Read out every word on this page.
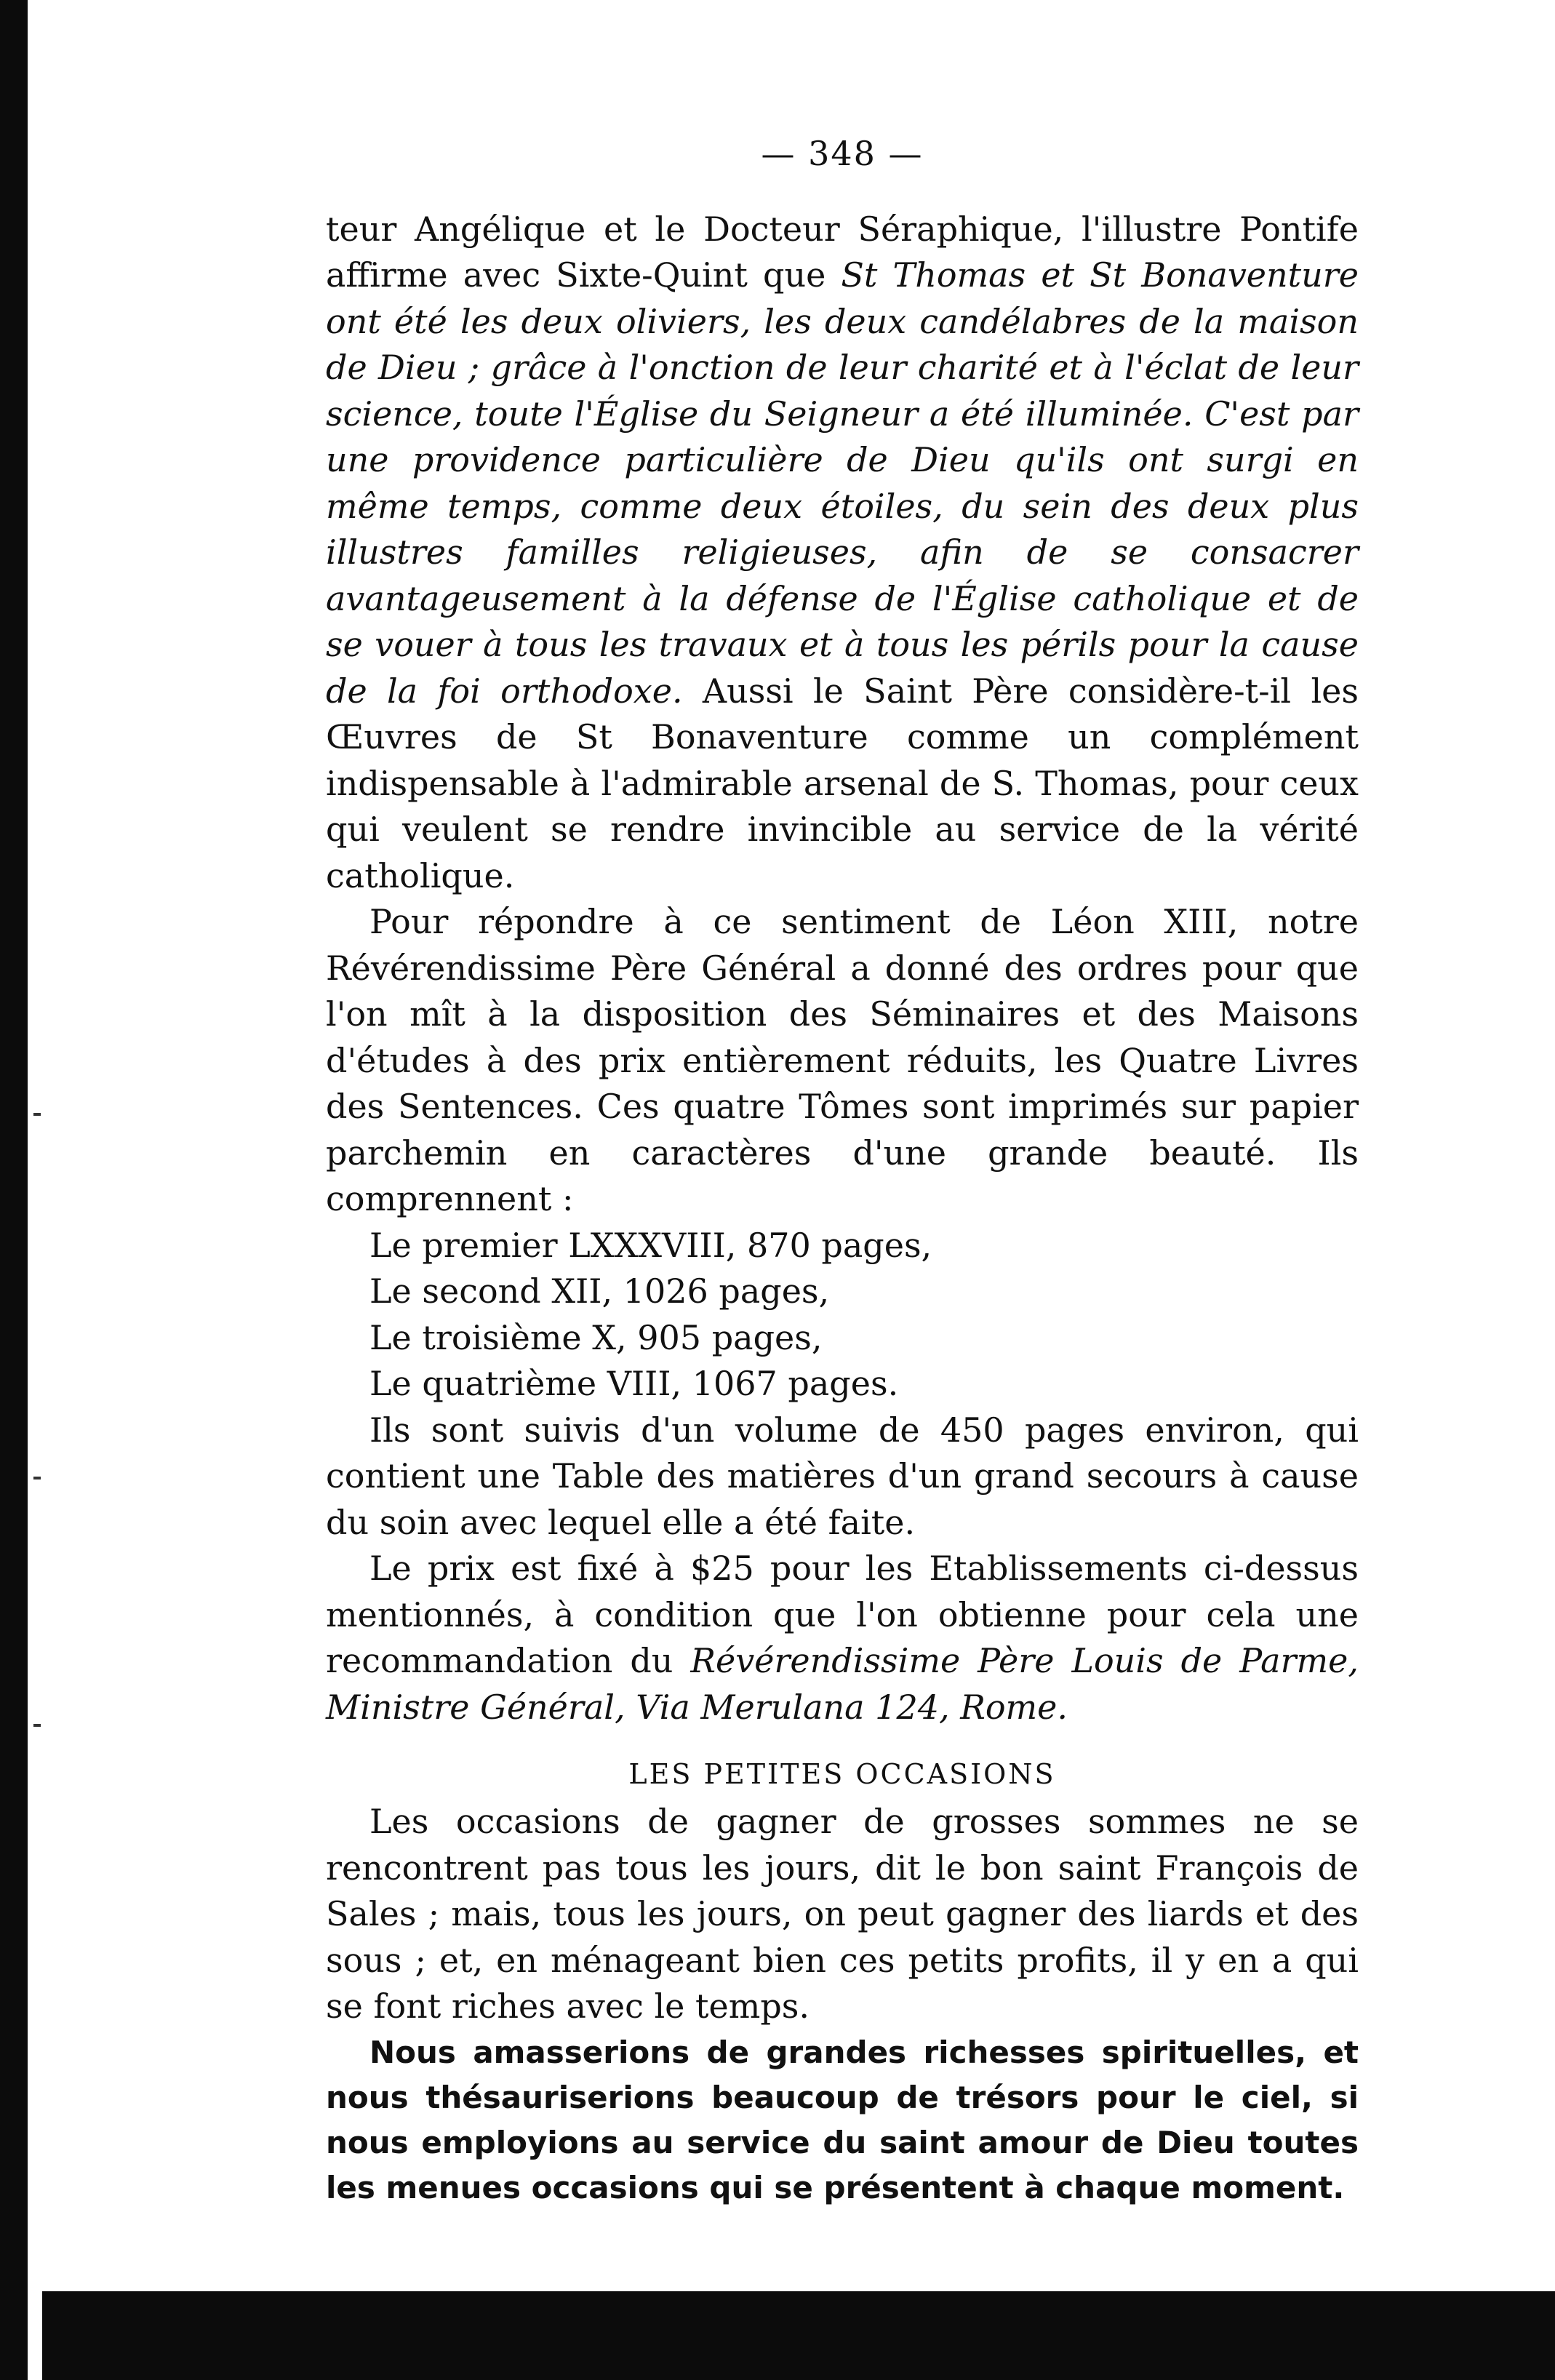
— 348 —

teur Angélique et le Docteur Séraphique, l'illustre Pontife affirme avec Sixte-Quint que St Thomas et St Bonaventure ont été les deux oliviers, les deux candélabres de la maison de Dieu ; grâce à l'onction de leur charité et à l'éclat de leur science, toute l'Église du Seigneur a été illuminée. C'est par une providence particulière de Dieu qu'ils ont surgi en même temps, comme deux étoiles, du sein des deux plus illustres familles religieuses, afin de se consacrer avantageusement à la défense de l'Église catholique et de se vouer à tous les travaux et à tous les périls pour la cause de la foi orthodoxe. Aussi le Saint Père considère-t-il les Œuvres de St Bonaventure comme un complément indispensable à l'admirable arsenal de S. Thomas, pour ceux qui veulent se rendre invincible au service de la vérité catholique.

Pour répondre à ce sentiment de Léon XIII, notre Révérendissime Père Général a donné des ordres pour que l'on mît à la disposition des Séminaires et des Maisons d'études à des prix entièrement réduits, les Quatre Livres des Sentences. Ces quatre Tômes sont imprimés sur papier parchemin en caractères d'une grande beauté. Ils comprennent :

Le premier LXXXVIII, 870 pages,
Le second XII, 1026 pages,
Le troisième X, 905 pages,
Le quatrième VIII, 1067 pages.

Ils sont suivis d'un volume de 450 pages environ, qui contient une Table des matières d'un grand secours à cause du soin avec lequel elle a été faite.

Le prix est fixé à $25 pour les Etablissements ci-dessus mentionnés, à condition que l'on obtienne pour cela une recommandation du Révérendissime Père Louis de Parme, Ministre Général, Via Merulana 124, Rome.

LES PETITES OCCASIONS

Les occasions de gagner de grosses sommes ne se rencontrent pas tous les jours, dit le bon saint François de Sales ; mais, tous les jours, on peut gagner des liards et des sous ; et, en ménageant bien ces petits profits, il y en a qui se font riches avec le temps.

Nous amasserions de grandes richesses spirituelles, et nous thésauriserions beaucoup de trésors pour le ciel, si nous employions au service du saint amour de Dieu toutes les menues occasions qui se présentent à chaque moment.
